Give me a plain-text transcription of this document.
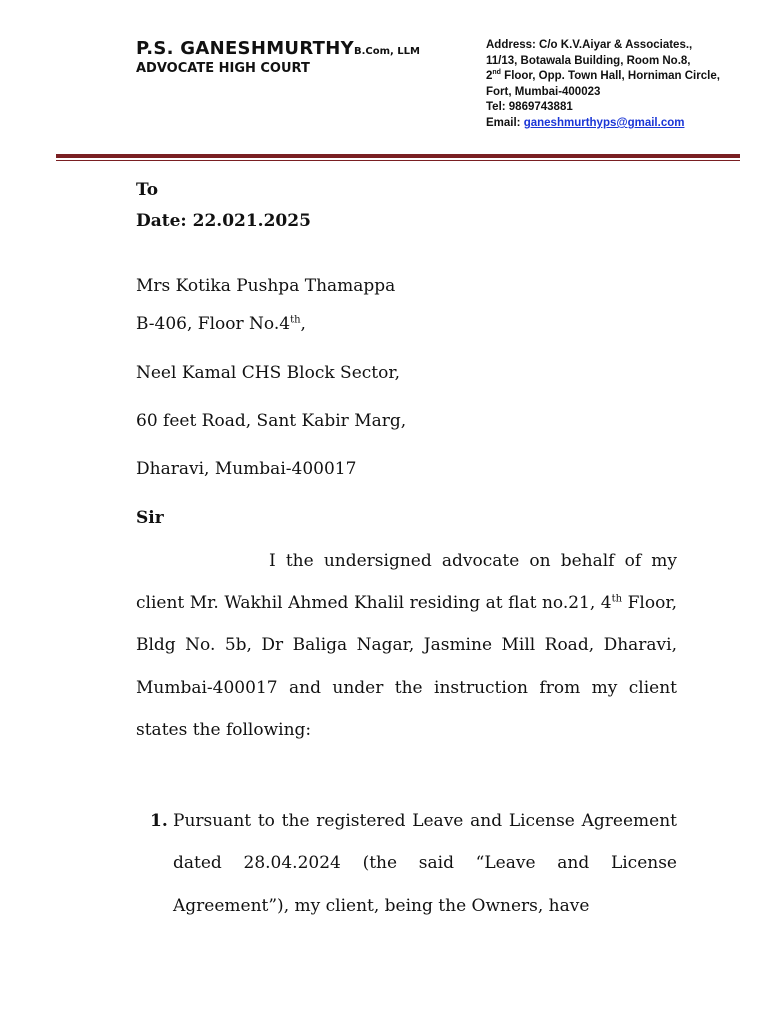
P.S. GANESHMURTHYB.Com, LLM
ADVOCATE HIGH COURT
Address: C/o K.V.Aiyar & Associates.,
11/13, Botawala Building, Room No.8,
2nd Floor, Opp. Town Hall, Horniman Circle,
Fort, Mumbai-400023
Tel: 9869743881
Email: ganeshmurthyps@gmail.com
To
Date: 22.021.2025
Mrs Kotika Pushpa Thamappa
B-406, Floor No.4th,
Neel Kamal CHS Block Sector,
60 feet Road, Sant Kabir Marg,
Dharavi, Mumbai-400017
Sir
I the undersigned advocate on behalf of my client Mr. Wakhil Ahmed Khalil residing at flat no.21, 4th Floor, Bldg No. 5b, Dr Baliga Nagar, Jasmine Mill Road, Dharavi, Mumbai-400017 and under the instruction from my client states the following:
1. Pursuant to the registered Leave and License Agreement dated 28.04.2024 (the said “Leave and License Agreement”), my client, being the Owners, have
